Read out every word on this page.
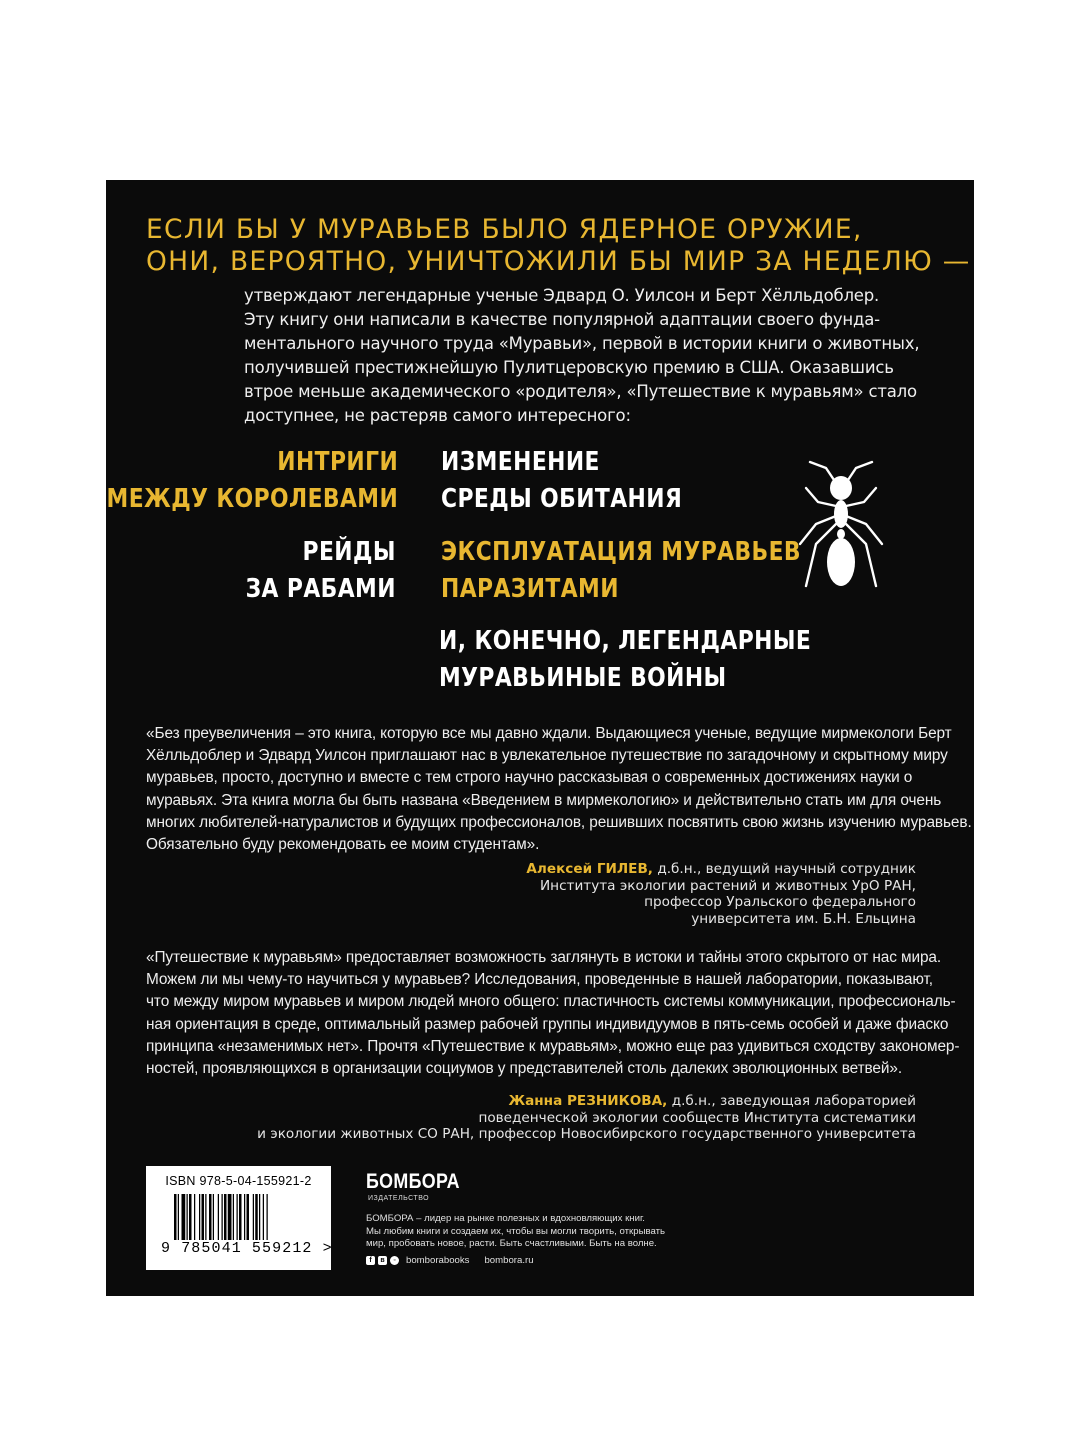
ЕСЛИ БЫ У МУРАВЬЕВ БЫЛО ЯДЕРНОЕ ОРУЖИЕ,
ОНИ, ВЕРОЯТНО, УНИЧТОЖИЛИ БЫ МИР ЗА НЕДЕЛЮ —
утверждают легендарные ученые Эдвард О. Уилсон и Берт Хёлльдоблер.
Эту книгу они написали в качестве популярной адаптации своего фунда-
ментального научного труда «Муравьи», первой в истории книги о животных,
получившей престижнейшую Пулитцеровскую премию в США. Оказавшись
втрое меньше академического «родителя», «Путешествие к муравьям» стало
доступнее, не растеряв самого интересного:
ИНТРИГИ
МЕЖДУ КОРОЛЕВАМИ
ИЗМЕНЕНИЕ
СРЕДЫ ОБИТАНИЯ
РЕЙДЫ
ЗА РАБАМИ
ЭКСПЛУАТАЦИЯ МУРАВЬЕВ
ПАРАЗИТАМИ
И, КОНЕЧНО, ЛЕГЕНДАРНЫЕ
МУРАВЬИНЫЕ ВОЙНЫ
«Без преувеличения – это книга, которую все мы давно ждали. Выдающиеся ученые, ведущие мирмекологи Берт
Хёлльдоблер и Эдвард Уилсон приглашают нас в увлекательное путешествие по загадочному и скрытному миру
муравьев, просто, доступно и вместе с тем строго научно рассказывая о современных достижениях науки о
муравьях. Эта книга могла бы быть названа «Введением в мирмекологию» и действительно стать им для очень
многих любителей-натуралистов и будущих профессионалов, решивших посвятить свою жизнь изучению муравьев.
Обязательно буду рекомендовать ее моим студентам».
Алексей ГИЛЕВ, д.б.н., ведущий научный сотрудник
Института экологии растений и животных УрО РАН,
профессор Уральского федерального
университета им. Б.Н. Ельцина
«Путешествие к муравьям» предоставляет возможность заглянуть в истоки и тайны этого скрытого от нас мира.
Можем ли мы чему-то научиться у муравьев? Исследования, проведенные в нашей лаборатории, показывают,
что между миром муравьев и миром людей много общего: пластичность системы коммуникации, профессиональ-
ная ориентация в среде, оптимальный размер рабочей группы индивидуумов в пять-семь особей и даже фиаско
принципа «незаменимых нет». Прочтя «Путешествие к муравьям», можно еще раз удивиться сходству закономер-
ностей, проявляющихся в организации социумов у представителей столь далеких эволюционных ветвей».
Жанна РЕЗНИКОВА, д.б.н., заведующая лабораторией
поведенческой экологии сообществ Института систематики
и экологии животных СО РАН, профессор Новосибирского государственного университета
ISBN 978-5-04-155921-2
9 785041 559212 >
БОМБОРА
ИЗДАТЕЛЬСТВО
БОМБОРА – лидер на рынке полезных и вдохновляющих книг.
Мы любим книги и создаем их, чтобы вы могли творить, открывать
мир, пробовать новое, расти. Быть счастливыми. Быть на волне.
f	в	◦	bomborabooks bombora.ru
